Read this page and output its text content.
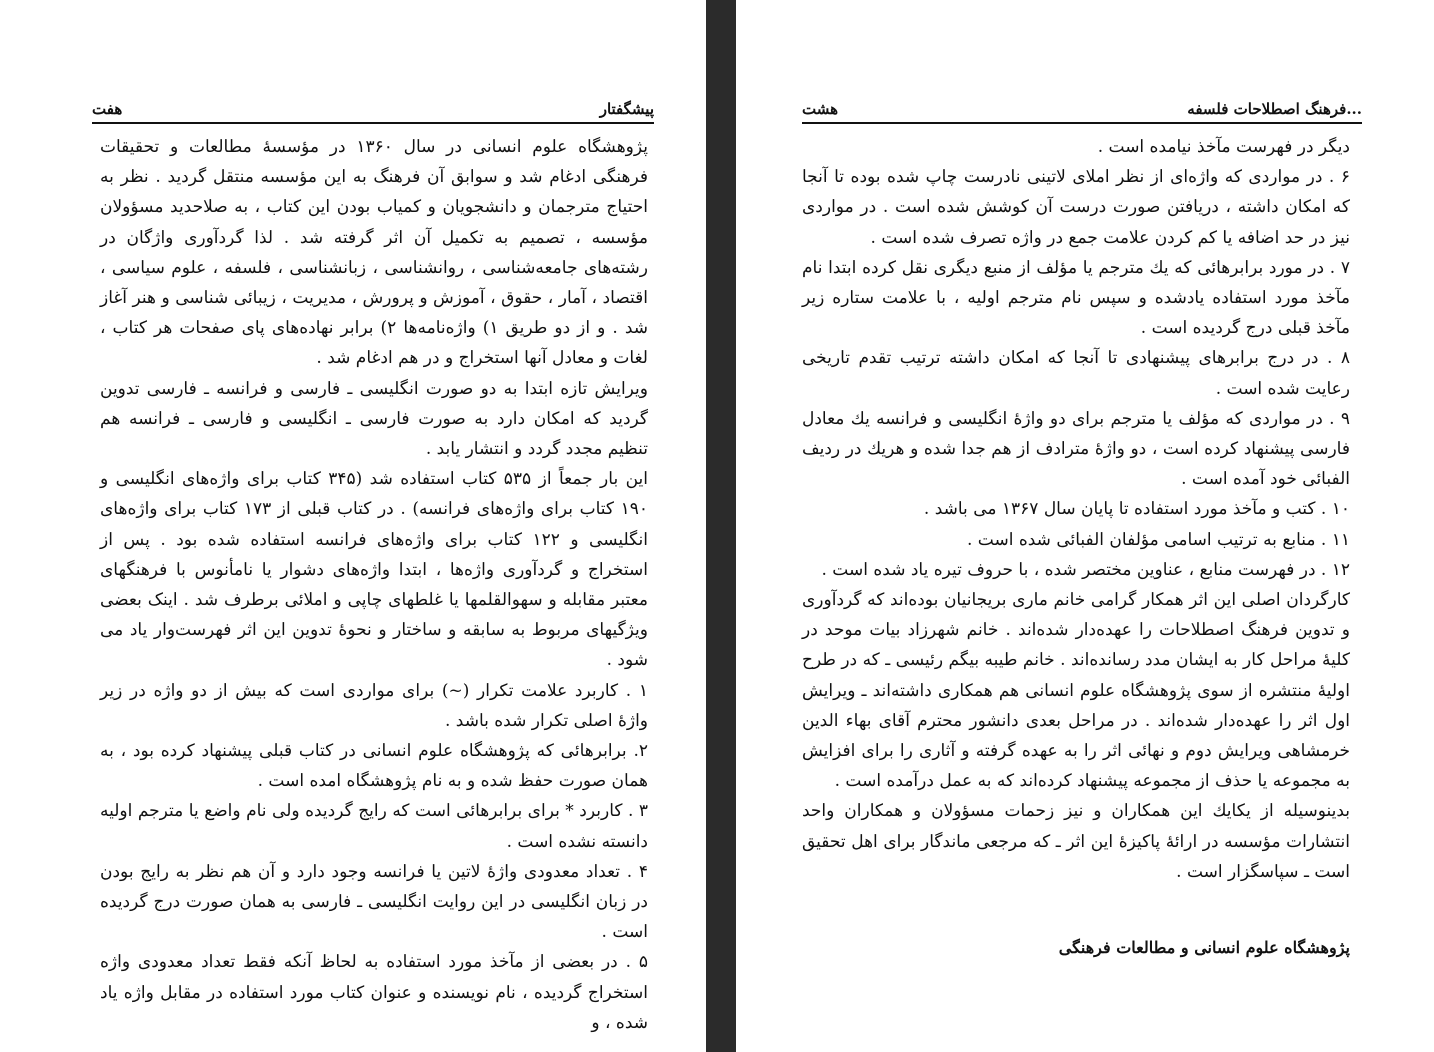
پیشگفتار
هفت

پژوهشگاه علوم انسانی در سال ۱۳۶۰ در مؤسسهٔ مطالعات و تحقیقات فرهنگی ادغام شد و سوابق آن فرهنگ به این مؤسسه منتقل گردید . نظر به احتیاج مترجمان و دانشجویان و کمیاب بودن این کتاب ، به صلاحدید مسؤولان مؤسسه ، تصمیم به تکمیل آن اثر گرفته شد . لذا گردآوری واژگان در رشته‌های جامعه‌شناسی ، روانشناسی ، زبانشناسی ، فلسفه ، علوم سیاسی ، اقتصاد ، آمار ، حقوق ، آموزش و پرورش ، مدیریت ، زیبائی شناسی و هنر آغاز شد . و از دو طریق ۱) واژه‌نامه‌ها ۲) برابر نهاده‌های پای صفحات هر کتاب ، لغات و معادل آنها استخراج و در هم ادغام شد .

ویرایش تازه ابتدا به دو صورت انگلیسی ـ فارسی و فرانسه ـ فارسی تدوین گردید که امکان دارد به صورت فارسی ـ انگلیسی و فارسی ـ فرانسه هم تنظیم مجدد گردد و انتشار یابد .

این بار جمعاً از ۵۳۵ کتاب استفاده شد (۳۴۵ کتاب برای واژه‌های انگلیسی و ۱۹۰ کتاب برای واژه‌های فرانسه) . در کتاب قبلی از ۱۷۳ کتاب برای واژه‌های انگلیسی و ۱۲۲ کتاب برای واژه‌های فرانسه استفاده شده بود . پس از استخراج و گردآوری واژه‌ها ، ابتدا واژه‌های دشوار یا نامأنوس با فرهنگهای معتبر مقابله و سهوالقلمها یا غلطهای چاپی و املائی برطرف شد . اینک بعضی ویژگیهای مربوط به سابقه و ساختار و نحوهٔ تدوین این اثر فهرست‌وار یاد می شود .

۱ . کاربرد علامت تکرار (~) برای مواردی است که بیش از دو واژه در زیر واژهٔ اصلی تکرار شده باشد .

۲. برابرهائی که پژوهشگاه علوم انسانی در کتاب قبلی پیشنهاد کرده بود ، به همان صورت حفظ شده و به نام پژوهشگاه امده است .

۳ . کاربرد * برای برابرهائی است که رایج گردیده ولی نام واضع یا مترجم اولیه دانسته نشده است .

۴ . تعداد معدودی واژهٔ لاتین یا فرانسه وجود دارد و آن هم نظر به رایج بودن در زبان انگلیسی در این روایت انگلیسی ـ فارسی به همان صورت درج گردیده است .

۵ . در بعضی از مآخذ مورد استفاده به لحاظ آنکه فقط تعداد معدودی واژه استخراج گردیده ، نام نویسنده و عنوان کتاب مورد استفاده در مقابل واژه یاد شده ، و

فرهنگ اصطلاحات فلسفه...
هشت

دیگر در فهرست مآخذ نیامده است .

۶ . در مواردی که واژه‌ای از نظر املای لاتینی نادرست چاپ شده بوده تا آنجا که امکان داشته ، دریافتن صورت درست آن کوشش شده است . در مواردی نیز در حد اضافه یا کم کردن علامت جمع در واژه تصرف شده است .

۷ . در مورد برابرهائی که یك مترجم یا مؤلف از منبع دیگری نقل کرده ابتدا نام مآخذ مورد استفاده یادشده و سپس نام مترجم اولیه ، با علامت ستاره زیر مآخذ قبلی درج گردیده است .

۸ . در درج برابرهای پیشنهادی تا آنجا که امکان داشته ترتیب تقدم تاریخی رعایت شده است .

۹ . در مواردی که مؤلف یا مترجم برای دو واژهٔ انگلیسی و فرانسه یك معادل فارسی پیشنهاد کرده است ، دو واژهٔ مترادف از هم جدا شده و هریك در ردیف الفبائی خود آمده است .

۱۰ . کتب و مآخذ مورد استفاده تا پایان سال ۱۳۶۷ می باشد .

۱۱ . منابع به ترتیب اسامی مؤلفان الفبائی شده است .

۱۲ . در فهرست منابع ، عناوین مختصر شده ، با حروف تیره یاد شده است .

کارگردان اصلی این اثر همکار گرامی خانم ماری بریجانیان بوده‌اند که گردآوری و تدوین فرهنگ اصطلاحات را عهده‌دار شده‌اند . خانم شهرزاد بیات موحد در کلیهٔ مراحل کار به ایشان مدد رسانده‌اند . خانم طیبه بیگم رئیسی ـ که در طرح اولیهٔ منتشره از سوی پژوهشگاه علوم انسانی هم همکاری داشته‌اند ـ ویرایش اول اثر را عهده‌دار شده‌اند . در مراحل بعدی دانشور محترم آقای بهاء الدین خرمشاهی ویرایش دوم و نهائی اثر را به عهده گرفته و آثاری را برای افزایش به مجموعه یا حذف از مجموعه پیشنهاد کرده‌اند که به عمل درآمده است .

بدینوسیله از یکایك این همکاران و نیز زحمات مسؤولان و همکاران واحد انتشارات مؤسسه در ارائهٔ پاکیزهٔ این اثر ـ که مرجعی ماندگار برای اهل تحقیق است ـ سپاسگزار است .

پژوهشگاه علوم انسانی و مطالعات فرهنگی
